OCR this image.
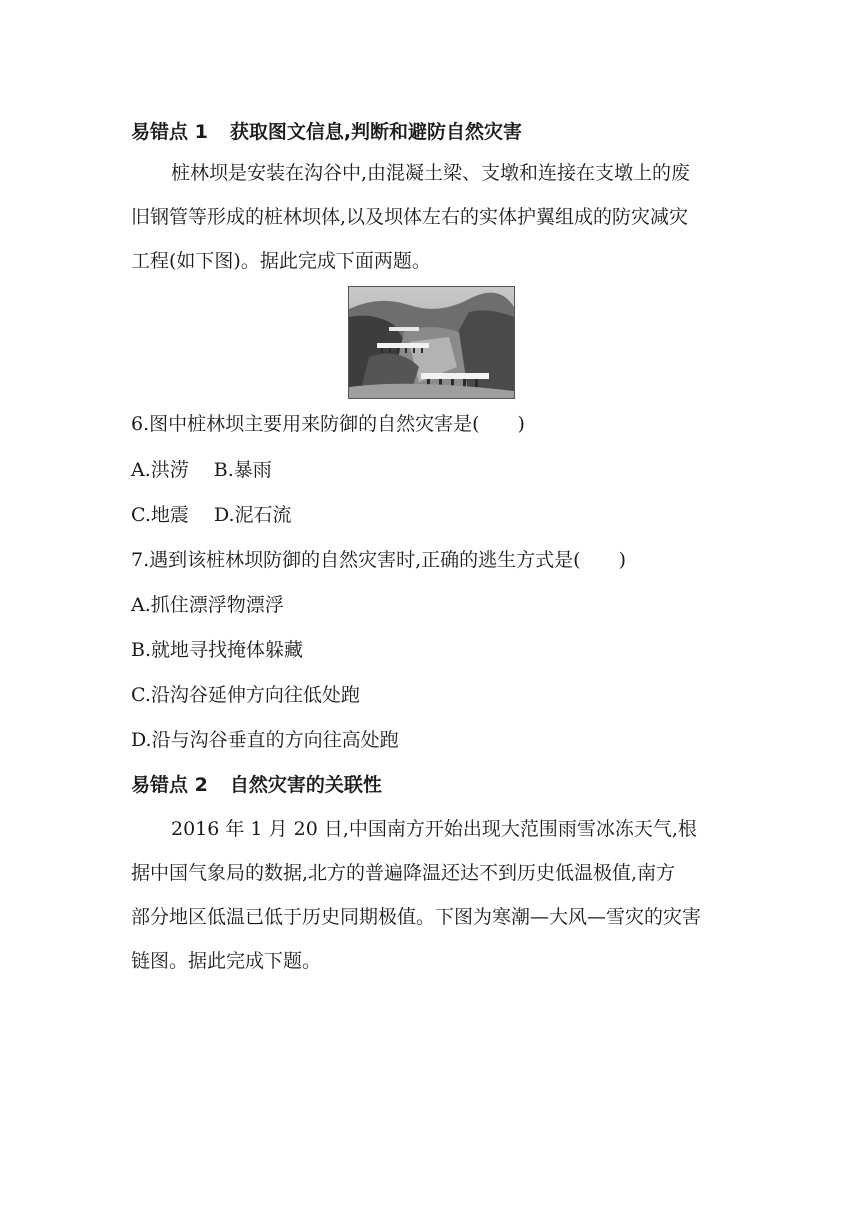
易错点 1 获取图文信息,判断和避防自然灾害
桩林坝是安装在沟谷中,由混凝土梁、支墩和连接在支墩上的废
旧钢管等形成的桩林坝体,以及坝体左右的实体护翼组成的防灾减灾
工程(如下图)。据此完成下面两题。
6.图中桩林坝主要用来防御的自然灾害是(　　)
A.洪涝　 B.暴雨
C.地震　 D.泥石流
7.遇到该桩林坝防御的自然灾害时,正确的逃生方式是(　　)
A.抓住漂浮物漂浮
B.就地寻找掩体躲藏
C.沿沟谷延伸方向往低处跑
D.沿与沟谷垂直的方向往高处跑
易错点 2 自然灾害的关联性
2016 年 1 月 20 日,中国南方开始出现大范围雨雪冰冻天气,根
据中国气象局的数据,北方的普遍降温还达不到历史低温极值,南方
部分地区低温已低于历史同期极值。下图为寒潮—大风—雪灾的灾害
链图。据此完成下题。
